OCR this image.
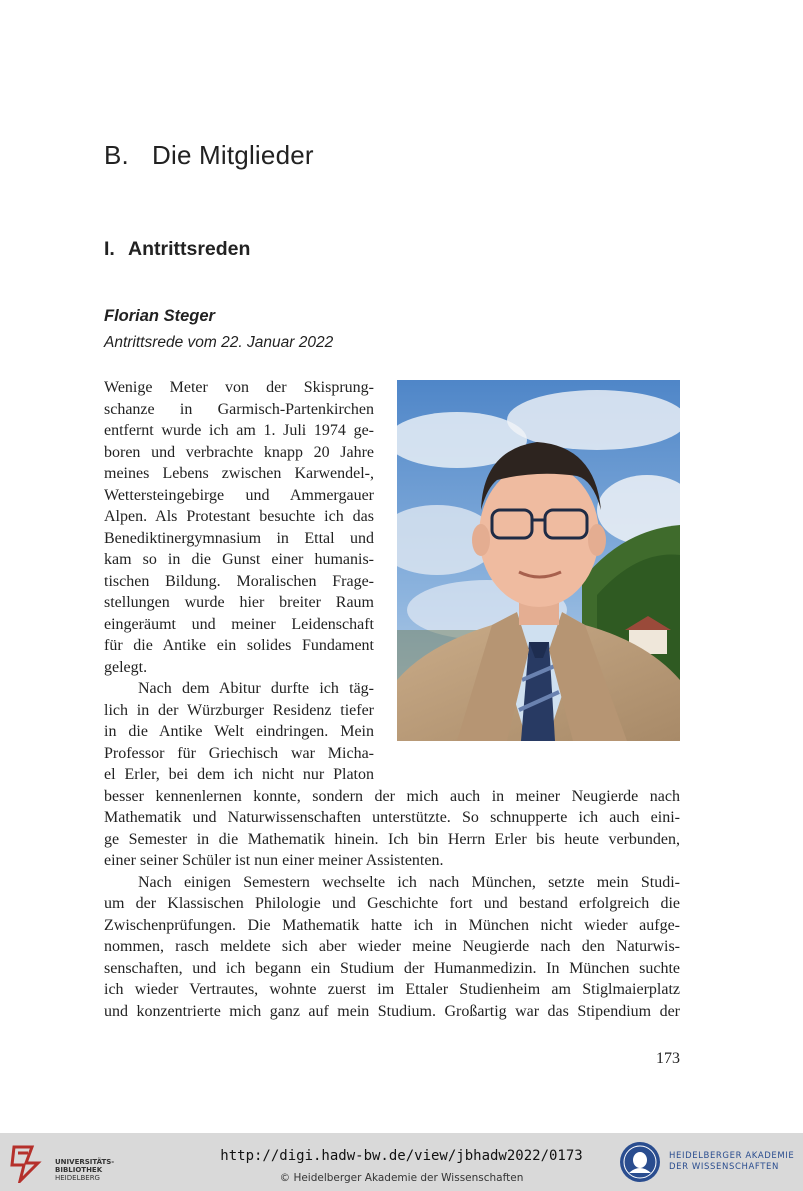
B. Die Mitglieder
I. Antrittsreden
Florian Steger
Antrittsrede vom 22. Januar 2022
Wenige Meter von der Skisprung-
schanze in Garmisch-Partenkirchen
entfernt wurde ich am 1. Juli 1974 ge-
boren und verbrachte knapp 20 Jahre
meines Lebens zwischen Karwendel-,
Wettersteingebirge und Ammergauer
Alpen. Als Protestant besuchte ich das
Benediktinergymnasium in Ettal und
kam so in die Gunst einer humanis-
tischen Bildung. Moralischen Frage-
stellungen wurde hier breiter Raum
eingeräumt und meiner Leidenschaft
für die Antike ein solides Fundament
gelegt.
Nach dem Abitur durfte ich täg-
lich in der Würzburger Residenz tiefer
in die Antike Welt eindringen. Mein
Professor für Griechisch war Micha-
el Erler, bei dem ich nicht nur Platon
besser kennenlernen konnte, sondern der mich auch in meiner Neugierde nach
Mathematik und Naturwissenschaften unterstützte. So schnupperte ich auch eini-
ge Semester in die Mathematik hinein. Ich bin Herrn Erler bis heute verbunden,
einer seiner Schüler ist nun einer meiner Assistenten.
Nach einigen Semestern wechselte ich nach München, setzte mein Studi-
um der Klassischen Philologie und Geschichte fort und bestand erfolgreich die
Zwischenprüfungen. Die Mathematik hatte ich in München nicht wieder aufge-
nommen, rasch meldete sich aber wieder meine Neugierde nach den Naturwis-
senschaften, und ich begann ein Studium der Humanmedizin. In München suchte
ich wieder Vertrautes, wohnte zuerst im Ettaler Studienheim am Stiglmaierplatz
und konzentrierte mich ganz auf mein Studium. Großartig war das Stipendium der
173
UNIVERSITÄTS-
BIBLIOTHEK
HEIDELBERG
http://digi.hadw-bw.de/view/jbhadw2022/0173
© Heidelberger Akademie der Wissenschaften
HEIDELBERGER AKADEMIE
DER WISSENSCHAFTEN
